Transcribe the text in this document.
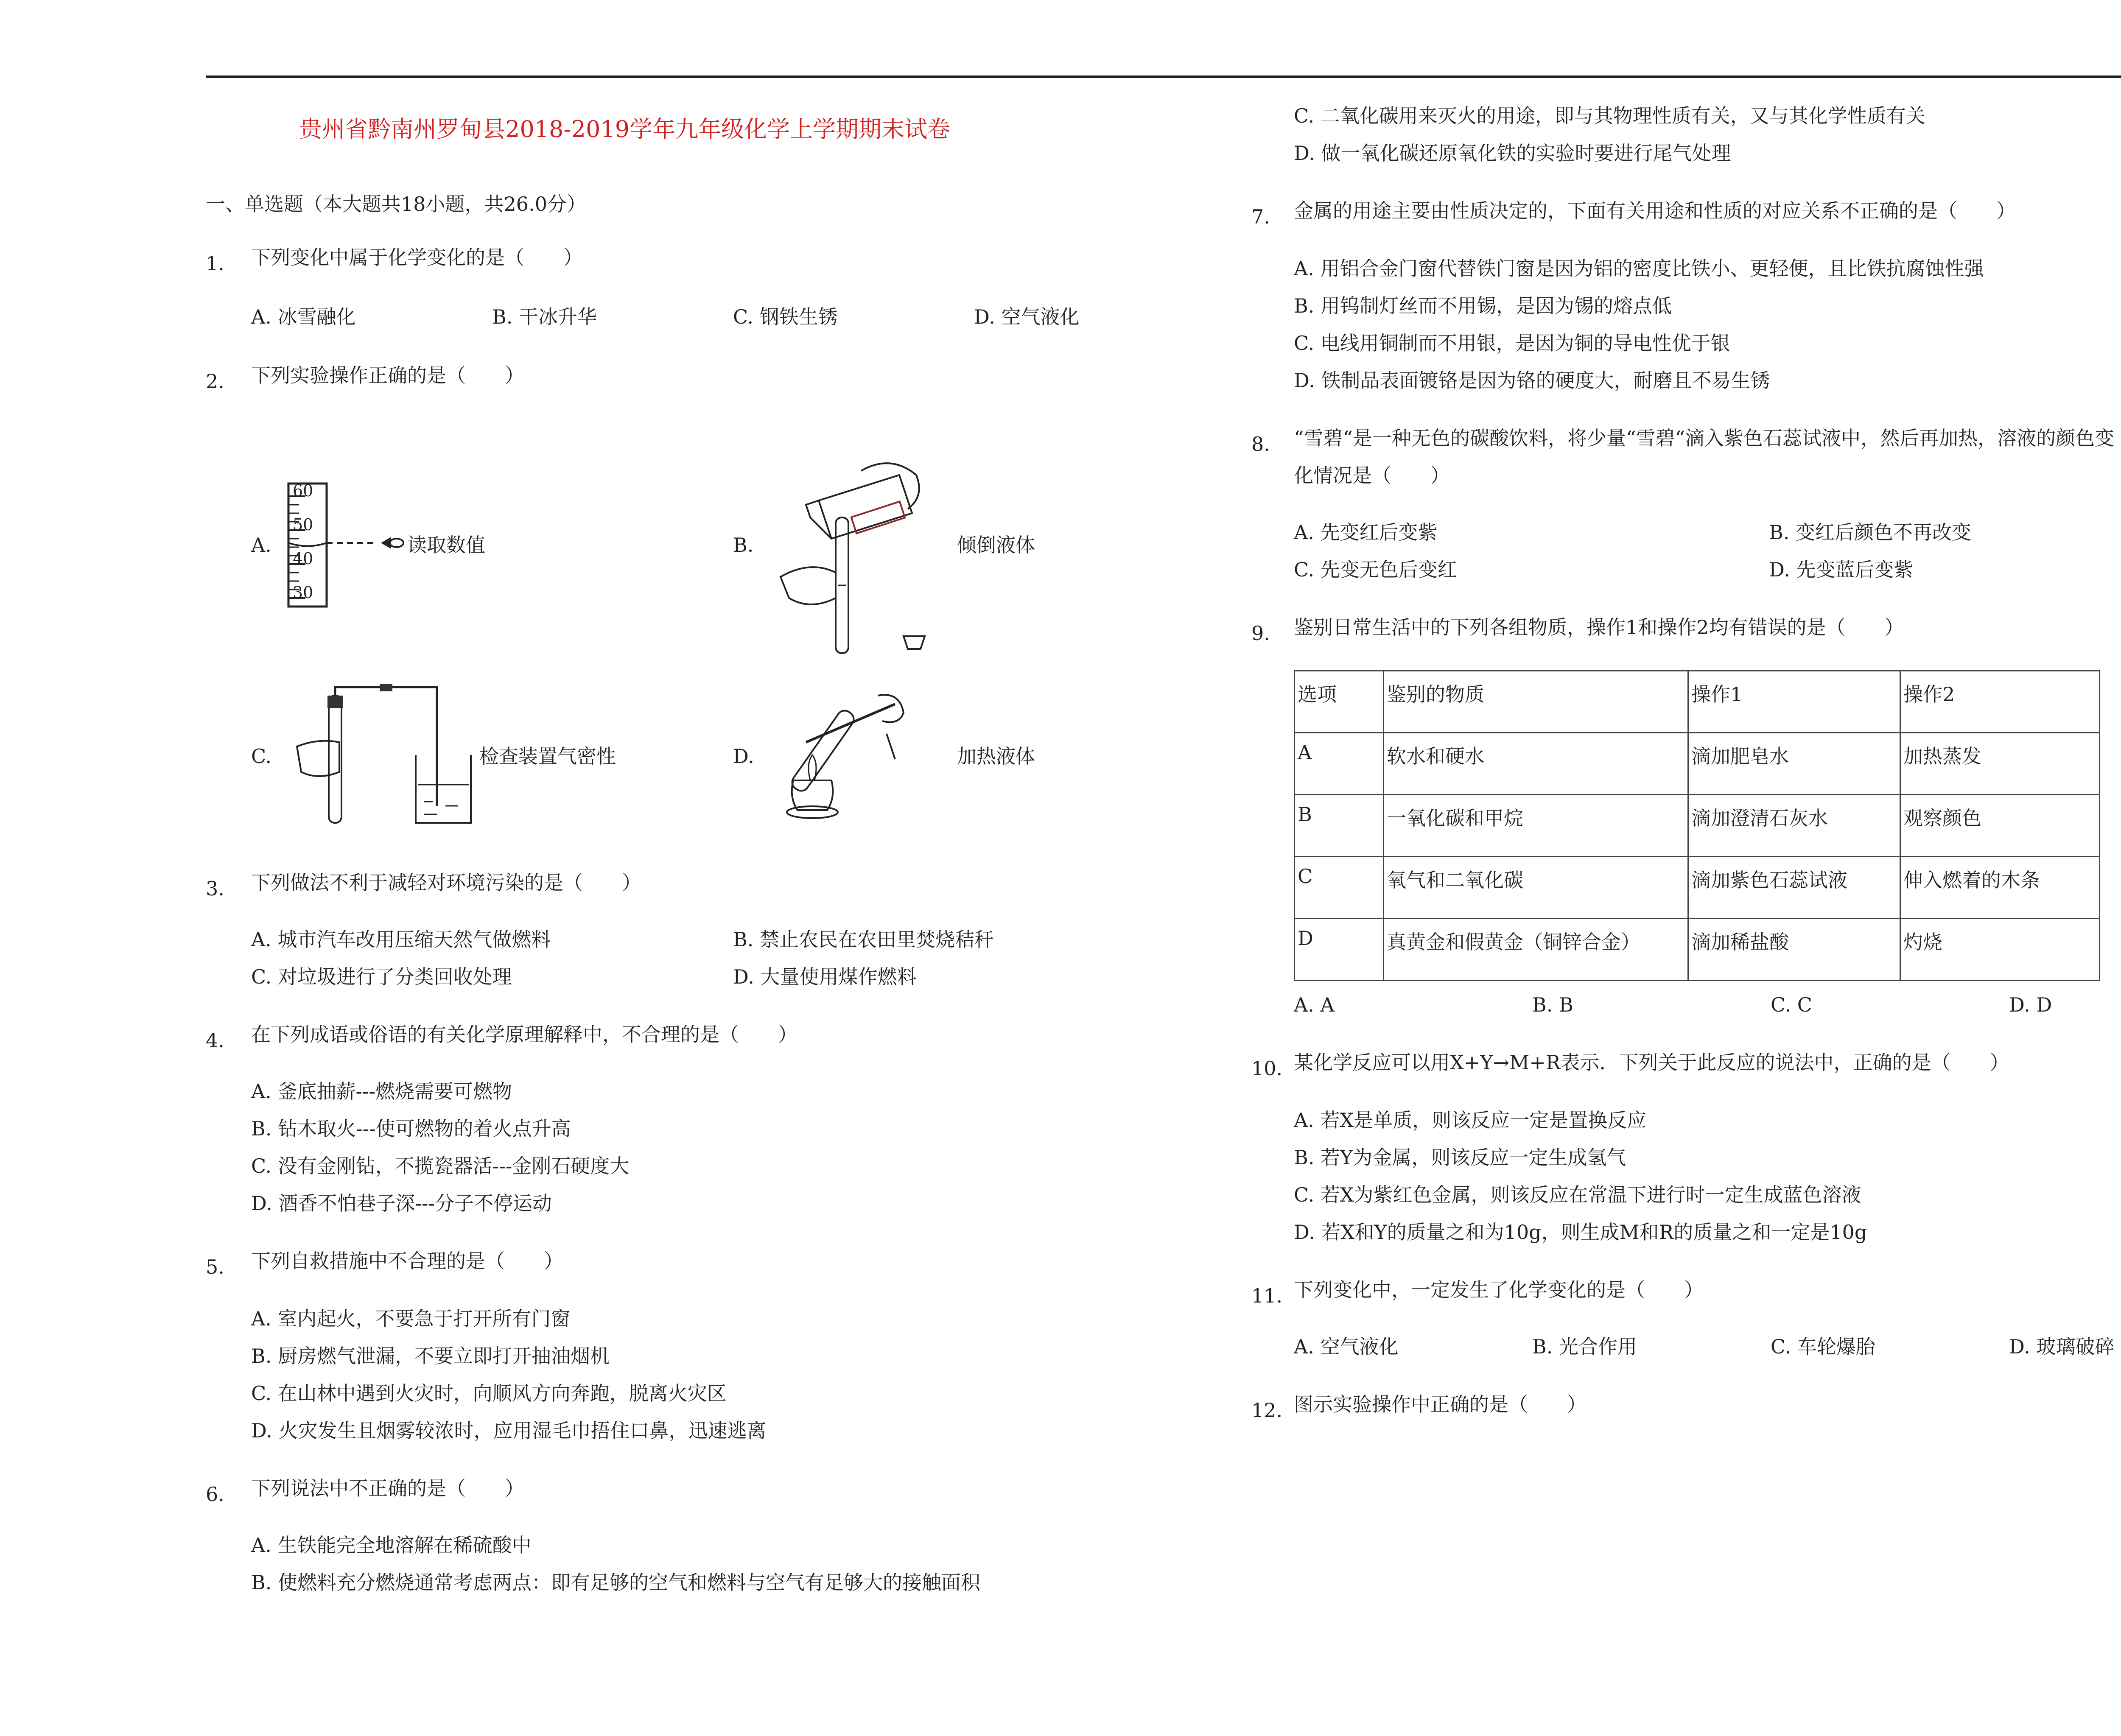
贵州省黔南州罗甸县2018-2019学年九年级化学上学期期末试卷
一、单选题（本大题共18小题，共26.0分）
1. 下列变化中属于化学变化的是（　　）
A. 冰雪融化	B. 干冰升华	C. 钢铁生锈	D. 空气液化
2. 下列实验操作正确的是（　　）
A.
60
50
40
30
读取数值	B.	倾倒液体
C.	检查装置气密性	D.	加热液体
3. 下列做法不利于减轻对环境污染的是（　　）
A. 城市汽车改用压缩天然气做燃料	B. 禁止农民在农田里焚烧秸秆
C. 对垃圾进行了分类回收处理	D. 大量使用煤作燃料
4. 在下列成语或俗语的有关化学原理解释中，不合理的是（　　）
A. 釜底抽薪---燃烧需要可燃物
B. 钻木取火---使可燃物的着火点升高
C. 没有金刚钻，不揽瓷器活---金刚石硬度大
D. 酒香不怕巷子深---分子不停运动
5. 下列自救措施中不合理的是（　　）
A. 室内起火，不要急于打开所有门窗
B. 厨房燃气泄漏，不要立即打开抽油烟机
C. 在山林中遇到火灾时，向顺风方向奔跑，脱离火灾区
D. 火灾发生且烟雾较浓时，应用湿毛巾捂住口鼻，迅速逃离
6. 下列说法中不正确的是（　　）
A. 生铁能完全地溶解在稀硫酸中
B. 使燃料充分燃烧通常考虑两点：即有足够的空气和燃料与空气有足够大的接触面积
C. 二氧化碳用来灭火的用途，即与其物理性质有关，又与其化学性质有关
D. 做一氧化碳还原氧化铁的实验时要进行尾气处理
7. 金属的用途主要由性质决定的，下面有关用途和性质的对应关系不正确的是（　　）
A. 用铝合金门窗代替铁门窗是因为铝的密度比铁小、更轻便，且比铁抗腐蚀性强
B. 用钨制灯丝而不用锡，是因为锡的熔点低
C. 电线用铜制而不用银，是因为铜的导电性优于银
D. 铁制品表面镀铬是因为铬的硬度大，耐磨且不易生锈
8. “雪碧“是一种无色的碳酸饮料，将少量“雪碧“滴入紫色石蕊试液中，然后再加热，溶液的颜色变
化情况是（　　）
A. 先变红后变紫	B. 变红后颜色不再改变
C. 先变无色后变红	D. 先变蓝后变紫
9. 鉴别日常生活中的下列各组物质，操作1和操作2均有错误的是（　　）
选项	鉴别的物质	操作1	操作2
A	软水和硬水	滴加肥皂水	加热蒸发
B	一氧化碳和甲烷	滴加澄清石灰水	观察颜色
C	氧气和二氧化碳	滴加紫色石蕊试液	伸入燃着的木条
D	真黄金和假黄金（铜锌合金）	滴加稀盐酸	灼烧
A. A	B. B	C. C	D. D
10. 某化学反应可以用X+Y→M+R表示．下列关于此反应的说法中，正确的是（　　）
A. 若X是单质，则该反应一定是置换反应
B. 若Y为金属，则该反应一定生成氢气
C. 若X为紫红色金属，则该反应在常温下进行时一定生成蓝色溶液
D. 若X和Y的质量之和为10g，则生成M和R的质量之和一定是10g
11. 下列变化中，一定发生了化学变化的是（　　）
A. 空气液化	B. 光合作用	C. 车轮爆胎	D. 玻璃破碎
12. 图示实验操作中正确的是（　　）
